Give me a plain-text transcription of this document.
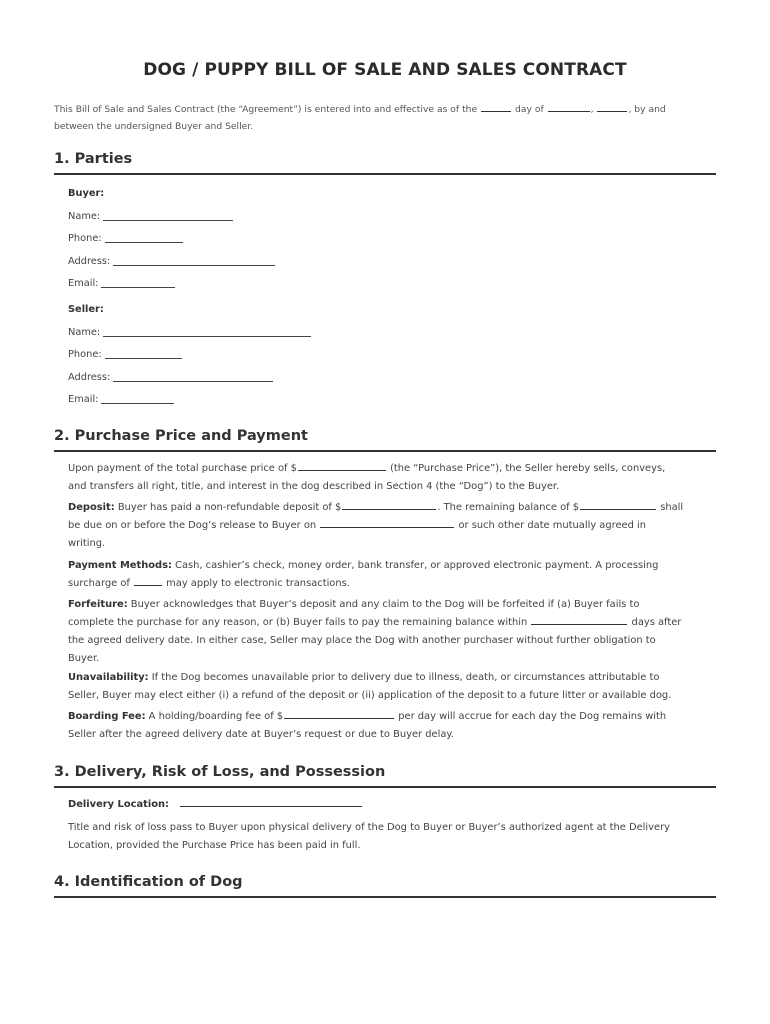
DOG / PUPPY BILL OF SALE AND SALES CONTRACT
This Bill of Sale and Sales Contract (the “Agreement”) is entered into and effective as of the	day of	,	, by and
between the undersigned Buyer and Seller.
1. Parties
Buyer:
Name:
Phone:
Address:
Email:
Seller:
Name:
Phone:
Address:
Email:
2. Purchase Price and Payment
Upon payment of the total purchase price of $	(the “Purchase Price”), the Seller hereby sells, conveys,
and transfers all right, title, and interest in the dog described in Section 4 (the “Dog”) to the Buyer.
Deposit: Buyer has paid a non-refundable deposit of $	. The remaining balance of $	shall
be due on or before the Dog’s release to Buyer on	or such other date mutually agreed in
writing.
Payment Methods: Cash, cashier’s check, money order, bank transfer, or approved electronic payment. A processing
surcharge of	may apply to electronic transactions.
Forfeiture: Buyer acknowledges that Buyer’s deposit and any claim to the Dog will be forfeited if (a) Buyer fails to
complete the purchase for any reason, or (b) Buyer fails to pay the remaining balance within	days after
the agreed delivery date. In either case, Seller may place the Dog with another purchaser without further obligation to
Buyer.
Unavailability: If the Dog becomes unavailable prior to delivery due to illness, death, or circumstances attributable to
Seller, Buyer may elect either (i) a refund of the deposit or (ii) application of the deposit to a future litter or available dog.
Boarding Fee: A holding/boarding fee of $	per day will accrue for each day the Dog remains with
Seller after the agreed delivery date at Buyer’s request or due to Buyer delay.
3. Delivery, Risk of Loss, and Possession
Delivery Location:
Title and risk of loss pass to Buyer upon physical delivery of the Dog to Buyer or Buyer’s authorized agent at the Delivery
Location, provided the Purchase Price has been paid in full.
4. Identification of Dog
